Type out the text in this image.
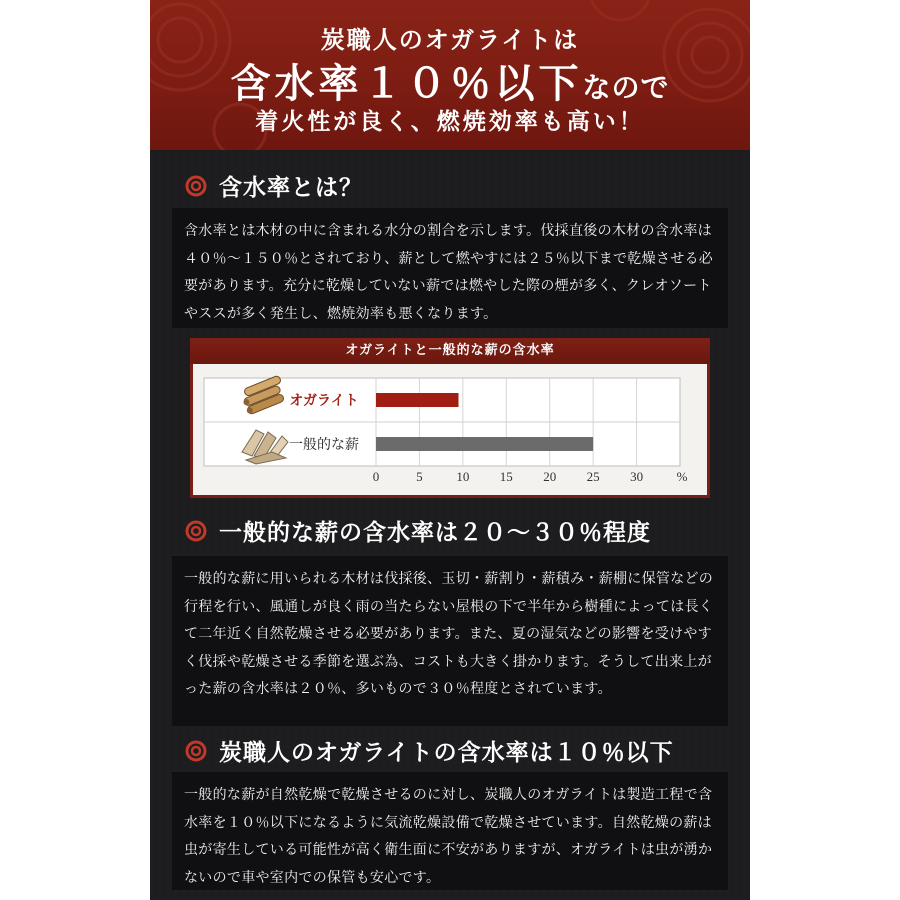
炭職人のオガライトは
含水率１０％以下なので
着火性が良く、燃焼効率も高い！
含水率とは？
含水率とは木材の中に含まれる水分の割合を示します。伐採直後の木材の含水率は４０％～１５０％とされており、薪として燃やすには２５％以下まで乾燥させる必要があります。充分に乾燥していない薪では燃やした際の煙が多く、クレオソートやススが多く発生し、燃焼効率も悪くなります。
オガライトと一般的な薪の含水率
0	5	10 15 20 25 30
オガライト
一般的な薪
%
一般的な薪の含水率は２０～３０％程度
一般的な薪に用いられる木材は伐採後、玉切・薪割り・薪積み・薪棚に保管などの行程を行い、風通しが良く雨の当たらない屋根の下で半年から樹種によっては長くて二年近く自然乾燥させる必要があります。また、夏の湿気などの影響を受けやすく伐採や乾燥させる季節を選ぶ為、コストも大きく掛かります。そうして出来上がった薪の含水率は２０％、多いもので３０％程度とされています。
炭職人のオガライトの含水率は１０％以下
一般的な薪が自然乾燥で乾燥させるのに対し、炭職人のオガライトは製造工程で含水率を１０％以下になるように気流乾燥設備で乾燥させています。自然乾燥の薪は虫が寄生している可能性が高く衛生面に不安がありますが、オガライトは虫が湧かないので車や室内での保管も安心です。
